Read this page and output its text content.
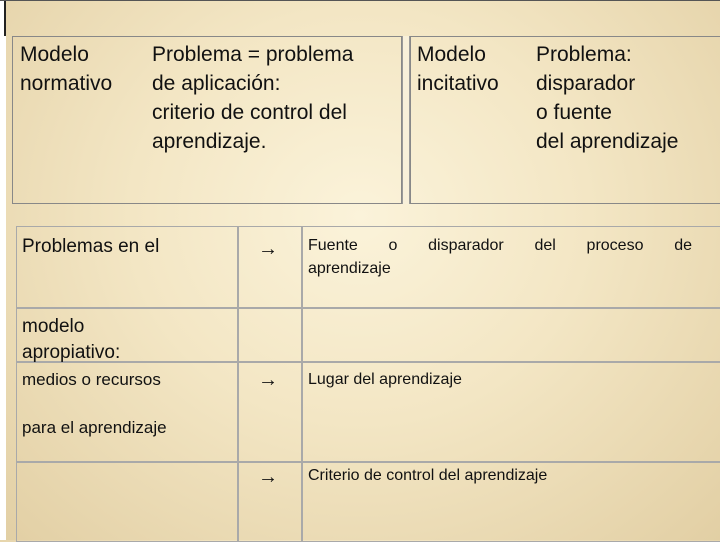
Modelo
normativo
Problema = problema
de aplicación:
criterio de control del
aprendizaje.
Modelo
incitativo
Problema:
disparador
o fuente
del aprendizaje
Problemas en el
modelo
apropiativo:
medios o recursos
para el aprendizaje
→
→
→
Fuente o disparador del proceso de
aprendizaje
Lugar del aprendizaje
Criterio de control del aprendizaje
